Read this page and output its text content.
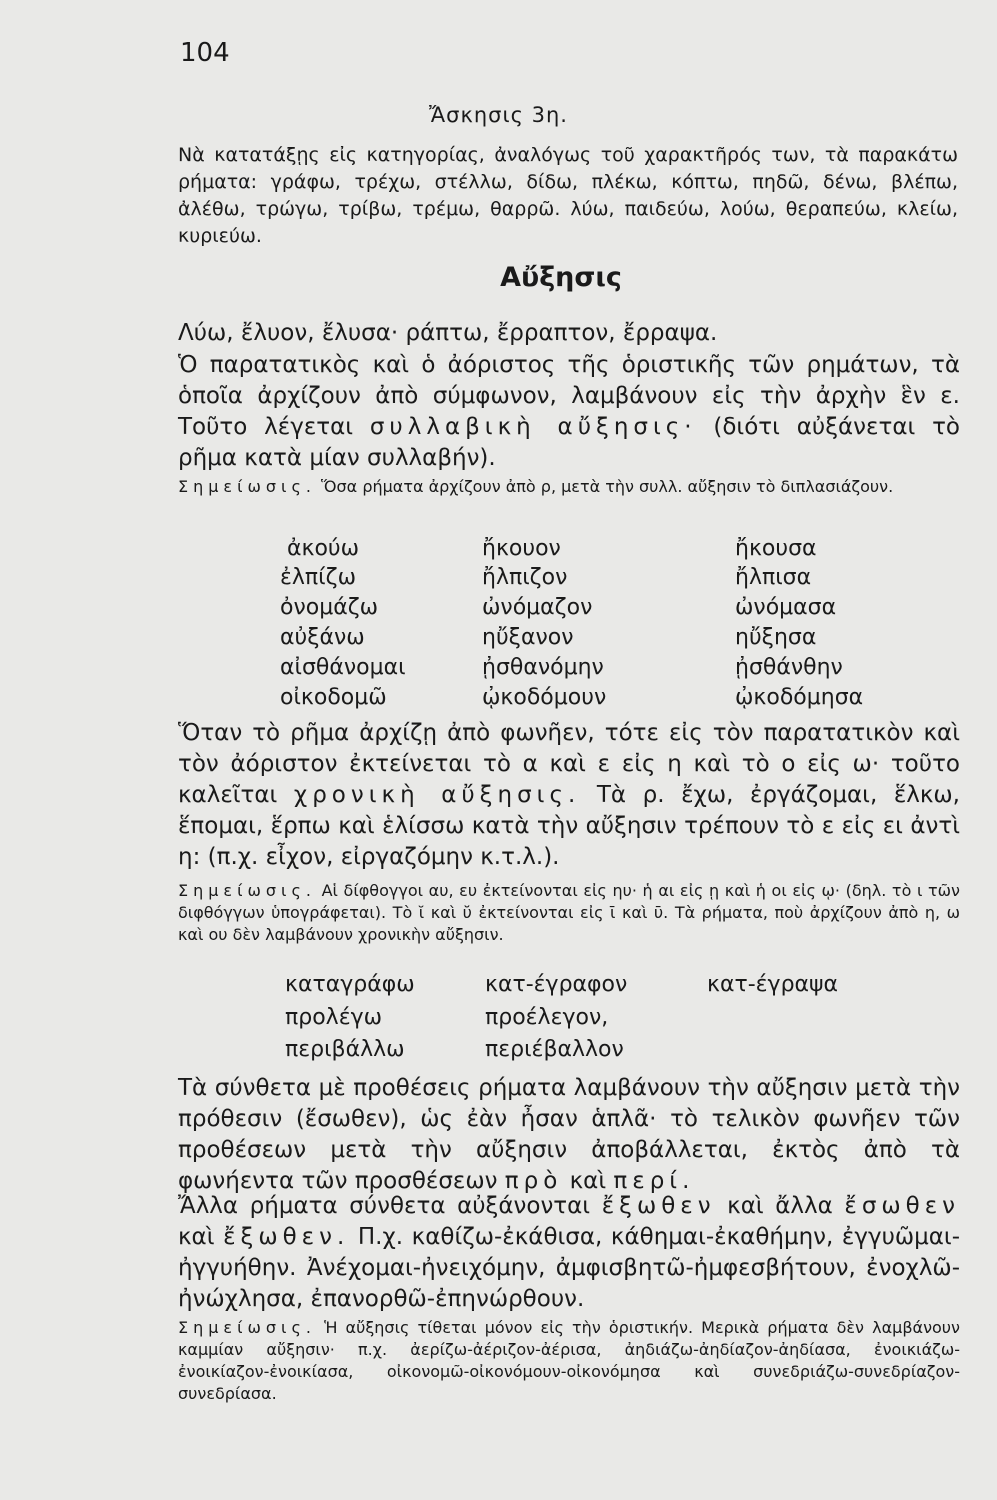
104
Ἄσκησις 3η.
Νὰ κατατάξῃς εἰς κατηγορίας, ἀναλόγως τοῦ χαρακτῆρός των, τὰ παρακάτω ρήματα: γράφω, τρέχω, στέλλω, δίδω, πλέκω, κόπτω, πηδῶ, δένω, βλέπω, ἀλέθω, τρώγω, τρίβω, τρέμω, θαρρῶ. λύω, παιδεύω, λούω, θεραπεύω, κλείω, κυριεύω.
Αὔξησις
Λύω, ἔλυον, ἔλυσα· ράπτω, ἔρραπτον, ἔρραψα.
Ὁ παρατατικὸς καὶ ὁ ἀόριστος τῆς ὁριστικῆς τῶν ρημάτων, τὰ ὁποῖα ἀρχίζουν ἀπὸ σύμφωνον, λαμβάνουν εἰς τὴν ἀρχὴν ἓν ε. Τοῦτο λέγεται συλλαβικὴ αὔξησις· (διότι αὐξάνεται τὸ ρῆμα κατὰ μίαν συλλαβήν).
Σημείωσις. Ὅσα ρήματα ἀρχίζουν ἀπὸ ρ, μετὰ τὴν συλλ. αὔξησιν τὸ διπλασιάζουν.
ἀκούω	ἤκουον	ἤκουσα
ἐλπίζω	ἤλπιζον	ἤλπισα
ὀνομάζω	ὠνόμαζον	ὠνόμασα
αὐξάνω	ηὔξανον	ηὔξησα
αἰσθάνομαι	ᾐσθανόμην	ᾐσθάνθην
οἰκοδομῶ	ᾠκοδόμουν	ᾠκοδόμησα
Ὅταν τὸ ρῆμα ἀρχίζῃ ἀπὸ φωνῆεν, τότε εἰς τὸν παρατατικὸν καὶ τὸν ἀόριστον ἐκτείνεται τὸ α καὶ ε εἰς η καὶ τὸ ο εἰς ω· τοῦτο καλεῖται χρονικὴ αὔξησις. Τὰ ρ. ἔχω, ἐργάζομαι, ἕλκω, ἕπομαι, ἕρπω καὶ ἑλίσσω κατὰ τὴν αὔξησιν τρέπουν τὸ ε εἰς ει ἀντὶ η: (π.χ. εἶχον, εἰργαζόμην κ.τ.λ.).
Σημείωσις. Αἱ δίφθογγοι αυ, ευ ἐκτείνονται εἰς ηυ· ἡ αι εἰς ῃ καὶ ἡ οι εἰς ῳ· (δηλ. τὸ ι τῶν διφθόγγων ὑπογράφεται). Τὸ ῐ καὶ ῠ ἐκτείνονται εἰς ῑ καὶ ῡ. Τὰ ρήματα, ποὺ ἀρχίζουν ἀπὸ η, ω καὶ ου δὲν λαμβάνουν χρονικὴν αὔξησιν.
καταγράφω	κατ-έγραφον	κατ-έγραψα
προλέγω	προέλεγον,
περιβάλλω	περιέβαλλον
Τὰ σύνθετα μὲ προθέσεις ρήματα λαμβάνουν τὴν αὔξησιν μετὰ τὴν πρόθεσιν (ἔσωθεν), ὡς ἐὰν ἦσαν ἁπλᾶ· τὸ τελικὸν φωνῆεν τῶν προθέσεων μετὰ τὴν αὔξησιν ἀποβάλλεται, ἐκτὸς ἀπὸ τὰ φωνήεντα τῶν προσθέσεων πρὸ καὶ περί.
Ἄλλα ρήματα σύνθετα αὐξάνονται ἔξωθεν καὶ ἄλλα ἔσωθεν καὶ ἔξωθεν. Π.χ. καθίζω-ἐκάθισα, κάθημαι-ἐκαθήμην, ἐγγυῶμαι-ἠγγυήθην. Ἀνέχομαι-ἠνειχόμην, ἀμφισβητῶ-ἠμφεσβήτουν, ἐνοχλῶ-ἠνώχλησα, ἐπανορθῶ-ἐπηνώρθουν.
Σημείωσις. Ἡ αὔξησις τίθεται μόνον εἰς τὴν ὁριστικήν. Μερικὰ ρήματα δὲν λαμβάνουν καμμίαν αὔξησιν· π.χ. ἀερίζω-ἀέριζον-ἀέρισα, ἀηδιάζω-ἀηδίαζον-ἀηδίασα, ἐνοικιάζω-ἐνοικίαζον-ἐνοικίασα, οἰκονομῶ-οἰκονόμουν-οἰκονόμησα καὶ συνεδριάζω-συνεδρίαζον-συνεδρίασα.
